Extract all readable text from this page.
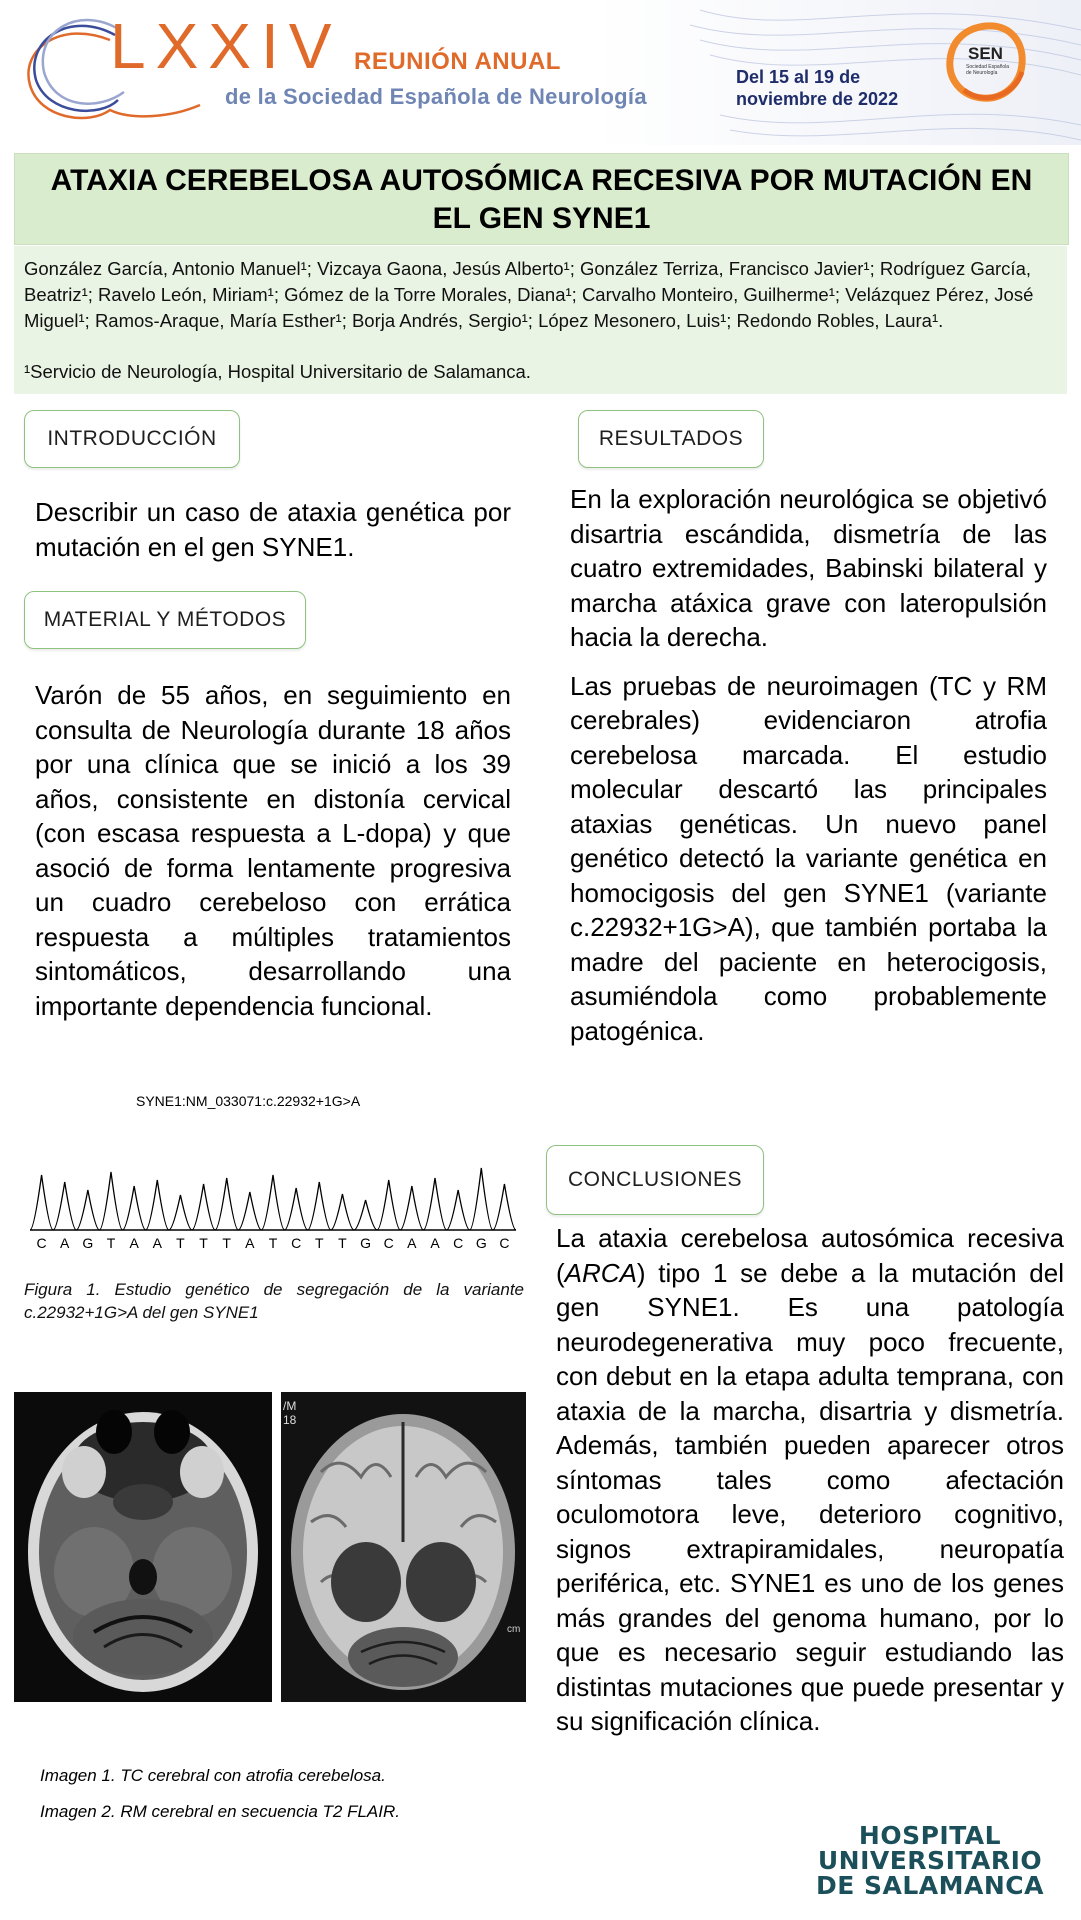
LXXIV REUNIÓN ANUAL
de la Sociedad Española de Neurología
Del 15 al 19 de
noviembre de 2022
SEN
Sociedad Española de Neurología
ATAXIA CEREBELOSA AUTOSÓMICA RECESIVA POR MUTACIÓN EN EL GEN SYNE1
González García, Antonio Manuel¹; Vizcaya Gaona, Jesús Alberto¹; González Terriza, Francisco Javier¹; Rodríguez García, Beatriz¹; Ravelo León, Miriam¹; Gómez de la Torre Morales, Diana¹; Carvalho Monteiro, Guilherme¹; Velázquez Pérez, José Miguel¹; Ramos-Araque, María Esther¹; Borja Andrés, Sergio¹; López Mesonero, Luis¹; Redondo Robles, Laura¹.
¹Servicio de Neurología, Hospital Universitario de Salamanca.
INTRODUCCIÓN
Describir un caso de ataxia genética por mutación en el gen SYNE1.
MATERIAL Y MÉTODOS
Varón de 55 años, en seguimiento en consulta de Neurología durante 18 años por una clínica que se inició a los 39 años, consistente en distonía cervical (con escasa respuesta a L-dopa) y que asoció de forma lentamente progresiva un cuadro cerebeloso con errática respuesta a múltiples tratamientos sintomáticos, desarrollando una importante dependencia funcional.
RESULTADOS

En la exploración neurológica se objetivó disartria escándida, dismetría de las cuatro extremidades, Babinski bilateral y marcha atáxica grave con lateropulsión hacia la derecha.

Las pruebas de neuroimagen (TC y RM cerebrales) evidenciaron atrofia cerebelosa marcada. El estudio molecular descartó las principales ataxias genéticas. Un nuevo panel genético detectó la variante genética en homocigosis del gen SYNE1 (variante c.22932+1G>A), que también portaba la madre del paciente en heterocigosis, asumiéndola como probablemente patogénica.

CONCLUSIONES
La ataxia cerebelosa autosómica recesiva (ARCA) tipo 1 se debe a la mutación del gen SYNE1. Es una patología neurodegenerativa muy poco frecuente, con debut en la etapa adulta temprana, con ataxia de la marcha, disartria y dismetría. Además, también pueden aparecer otros síntomas tales como afectación oculomotora leve, deterioro cognitivo, signos extrapiramidales, neuropatía periférica, etc. SYNE1 es uno de los genes más grandes del genoma humano, por lo que es necesario seguir estudiando las distintas mutaciones que puede presentar y su significación clínica.
SYNE1:NM_033071:c.22932+1G>A
C A G T A A T T T A T C T T G C A A C G C
Figura 1. Estudio genético de segregación de la variante c.22932+1G>A del gen SYNE1
/M
18
cm
Imagen 1. TC cerebral con atrofia cerebelosa.
Imagen 2. RM cerebral en secuencia T2 FLAIR.
HOSPITAL
UNIVERSITARIO
DE SALAMANCA
